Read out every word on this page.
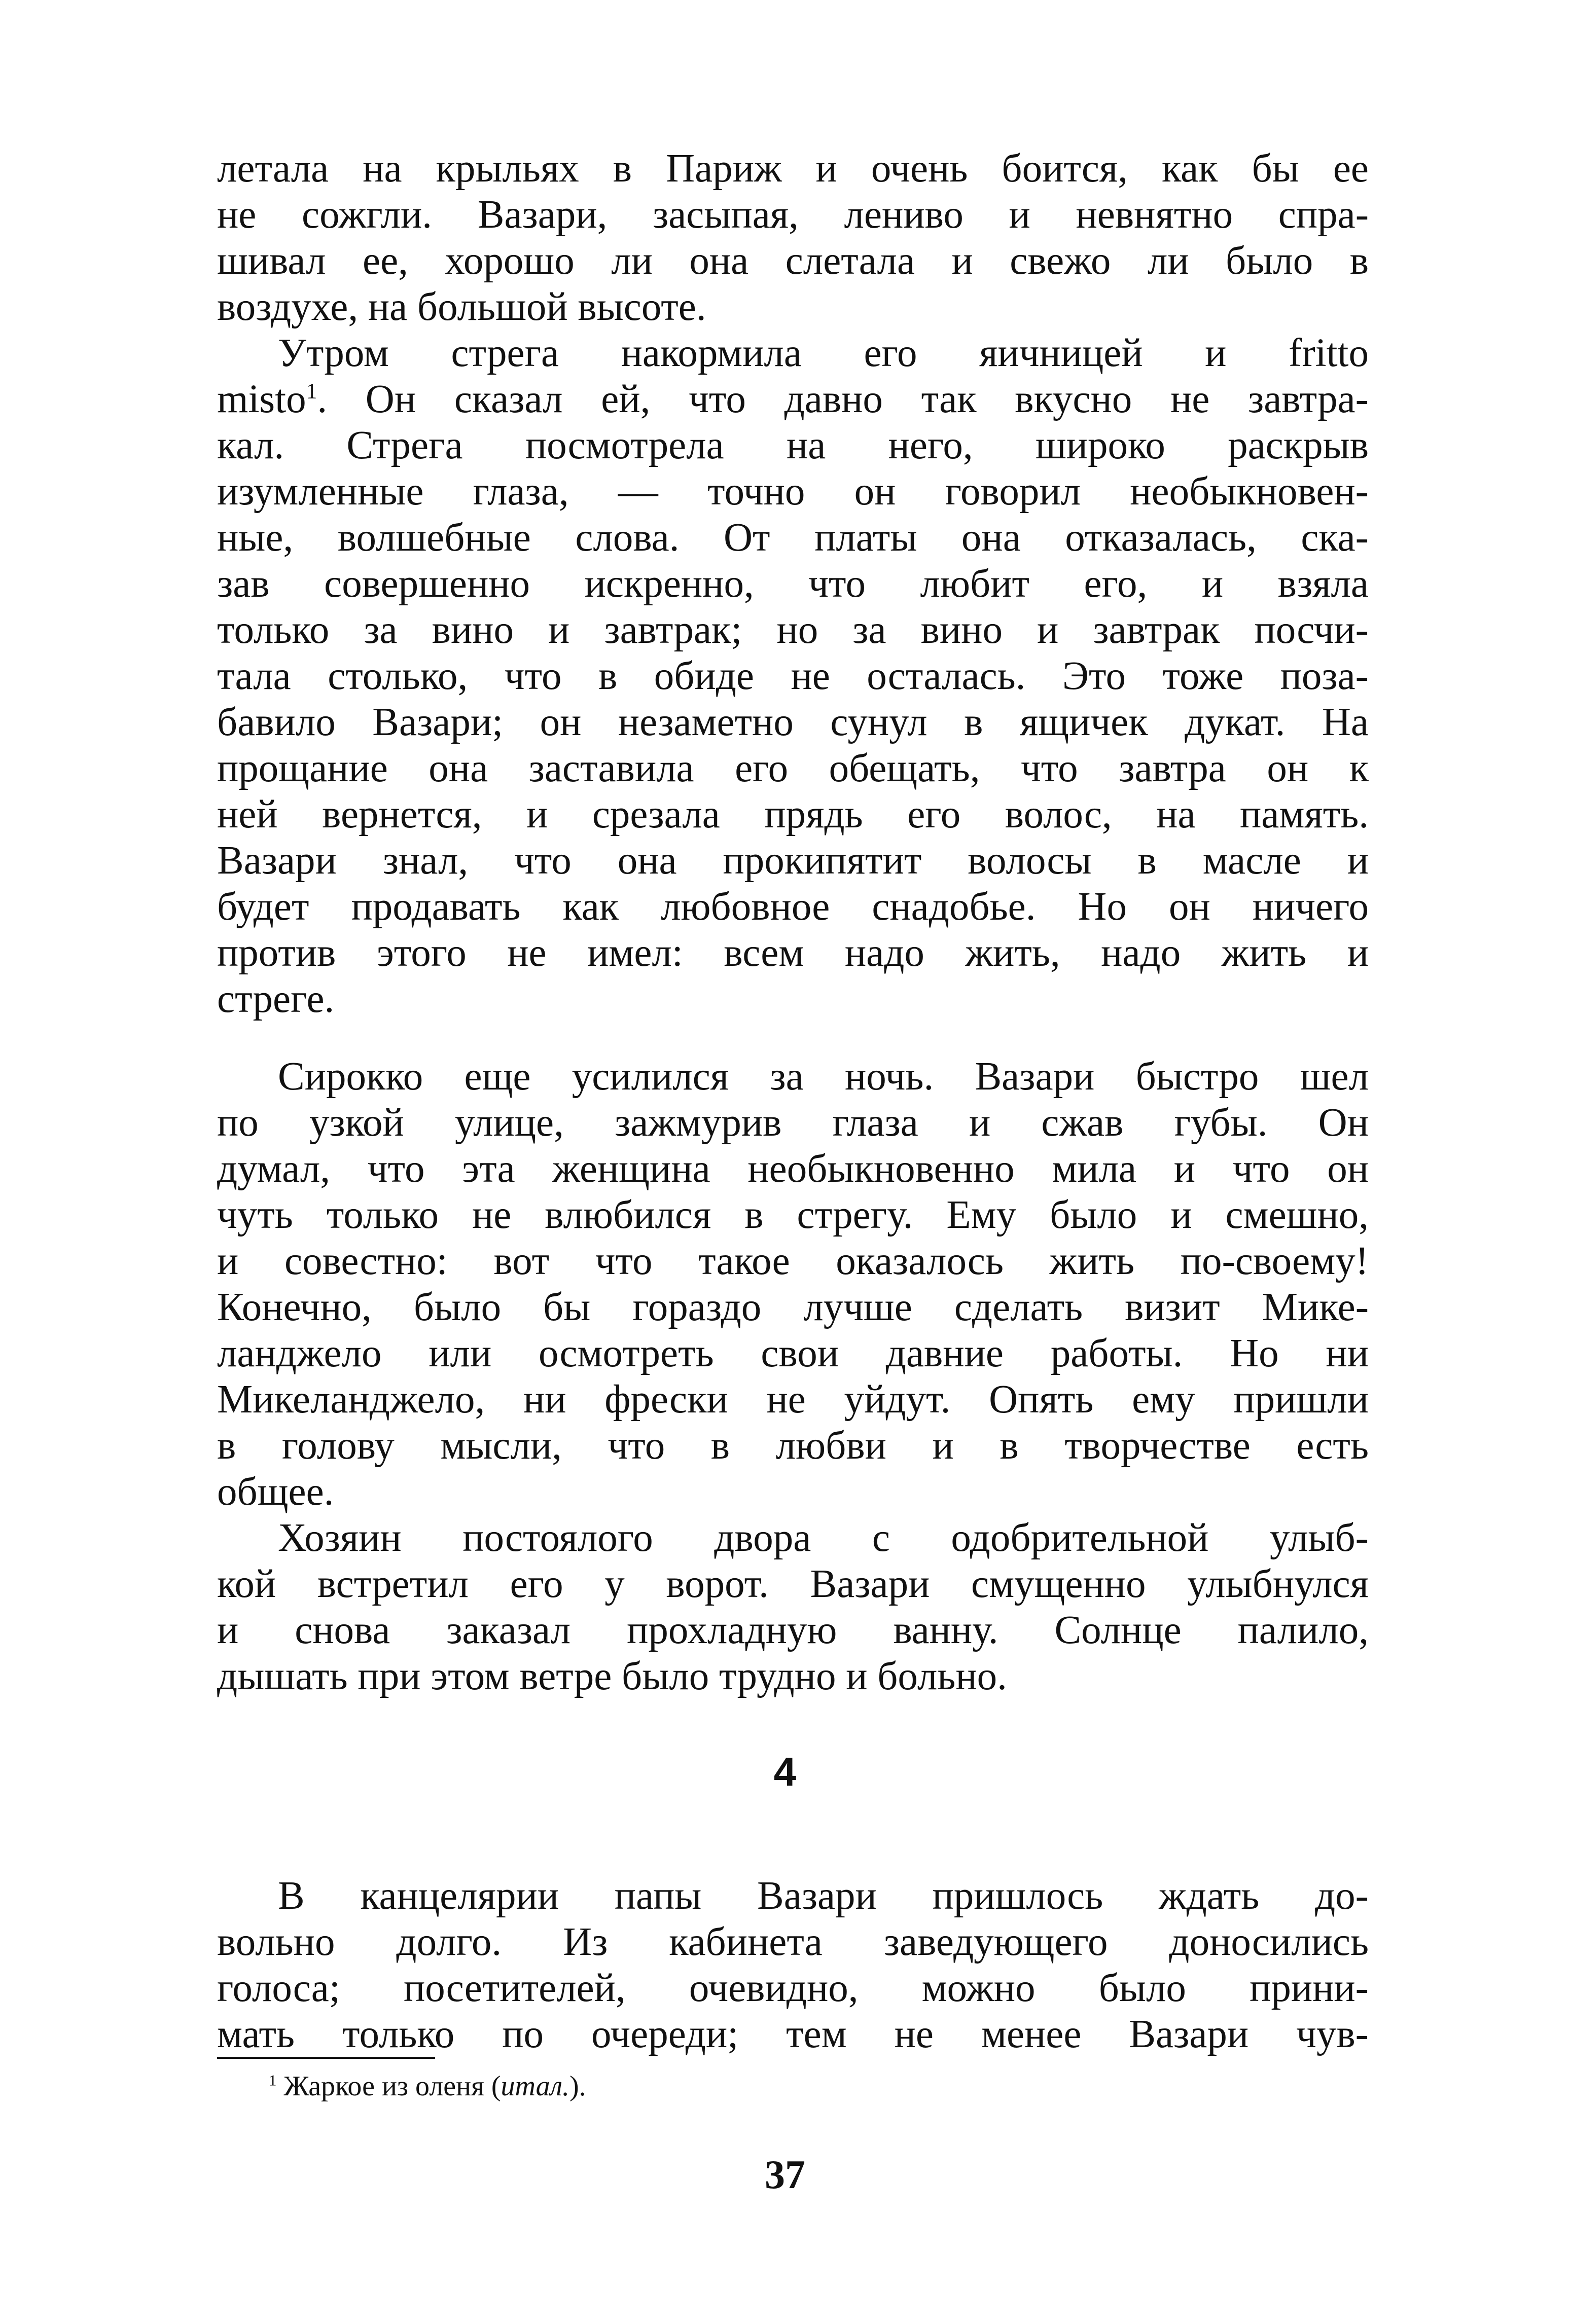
летала на крыльях в Париж и очень боится, как бы ее
не сожгли. Вазари, засыпая, лениво и невнятно спра-
шивал ее, хорошо ли она слетала и свежо ли было в
воздухе, на большой высоте.
Утром стрега накормила его яичницей и fritto
misto$^1$. Он сказал ей, что давно так вкусно не завтра-
кал. Стрега посмотрела на него, широко раскрыв
изумленные глаза, — точно он говорил необыкновен-
ные, волшебные слова. От платы она отказалась, ска-
зав совершенно искренно, что любит его, и взяла
только за вино и завтрак; но за вино и завтрак посчи-
тала столько, что в обиде не осталась. Это тоже поза-
бавило Вазари; он незаметно сунул в ящичек дукат. На
прощание она заставила его обещать, что завтра он к
ней вернется, и срезала прядь его волос, на память.
Вазари знал, что она прокипятит волосы в масле и
будет продавать как любовное снадобье. Но он ничего
против этого не имел: всем надо жить, надо жить и
стреге.
Сирокко еще усилился за ночь. Вазари быстро шел
по узкой улице, зажмурив глаза и сжав губы. Он
думал, что эта женщина необыкновенно мила и что он
чуть только не влюбился в стрегу. Ему было и смешно,
и совестно: вот что такое оказалось жить по-своему!
Конечно, было бы гораздо лучше сделать визит Мике-
ланджело или осмотреть свои давние работы. Но ни
Микеланджело, ни фрески не уйдут. Опять ему пришли
в голову мысли, что в любви и в творчестве есть
общее.
Хозяин постоялого двора с одобрительной улыб-
кой встретил его у ворот. Вазари смущенно улыбнулся
и снова заказал прохладную ванну. Солнце палило,
дышать при этом ветре было трудно и больно.
4
В канцелярии папы Вазари пришлось ждать до-
вольно долго. Из кабинета заведующего доносились
голоса; посетителей, очевидно, можно было прини-
мать только по очереди; тем не менее Вазари чув-
$^1$ Жаркое из оленя (итал.).
37
